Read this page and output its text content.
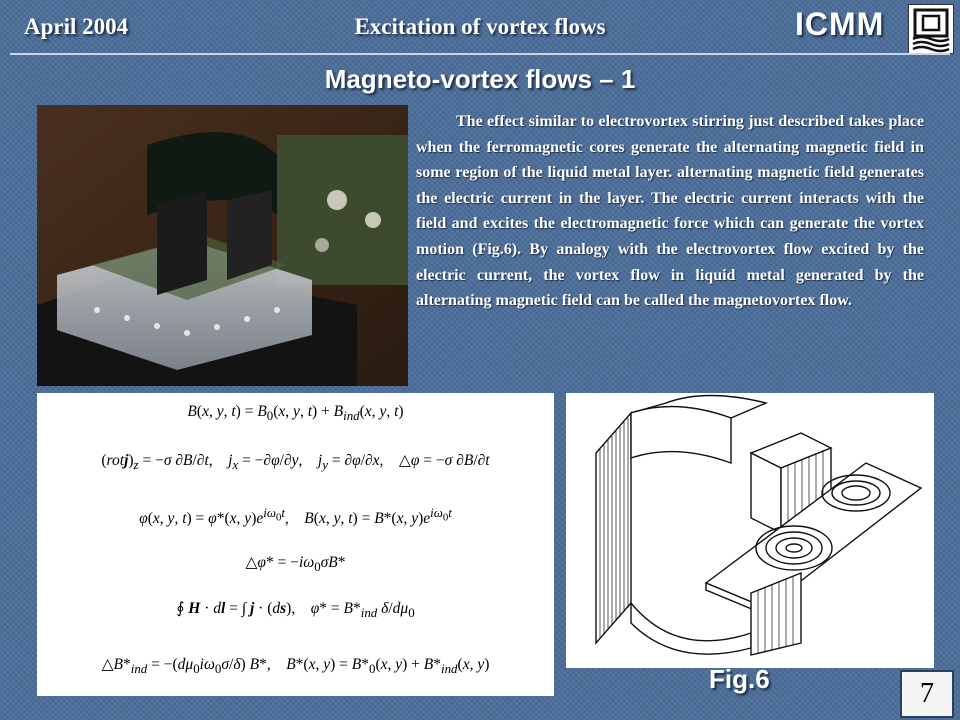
April 2004	Excitation of vortex flows	ICMM
Magneto-vortex flows – 1

The effect similar to electrovortex stirring just described takes place when the ferromagnetic cores generate the alternating magnetic field in some region of the liquid metal layer. alternating magnetic field generates the electric current in the layer. The electric current interacts with the field and excites the electromagnetic force which can generate the vortex motion (Fig.6). By analogy with the electrovortex flow excited by the electric current, the vortex flow in liquid metal generated by the alternating magnetic field can be called the magnetovortex flow.

B(x, y, $t) = B_0(x$, y, $t) + B_{ind}(x$, y, t)
$(rotj)_z = -\sigma$ ∂B/∂t,    $j_x = -\partial\varphi/\partial y$,    $j_y = \partial\varphi/\partial x$,    △φ = −σ ∂B/∂t
φ(x, y, t) = φ*(x, $y)e^{i\omega_0t}$,    B(x, y, t) = B*(x, $y)e^{i\omega_0t}$
△φ* = $-i\omega_0\sigma B*$
∮ H · dl = ∫ j · (ds),    $\varphi* = B*_{ind}$ $\delta/d\mu_0$
$\triangle B*_{ind} = -(d\mu_0i\omega_0\sigma/\delta)$ B*,    B*(x, $y) = B*_0(x$, $y) + B*_{ind}(x$, y)	Fig.6	7
